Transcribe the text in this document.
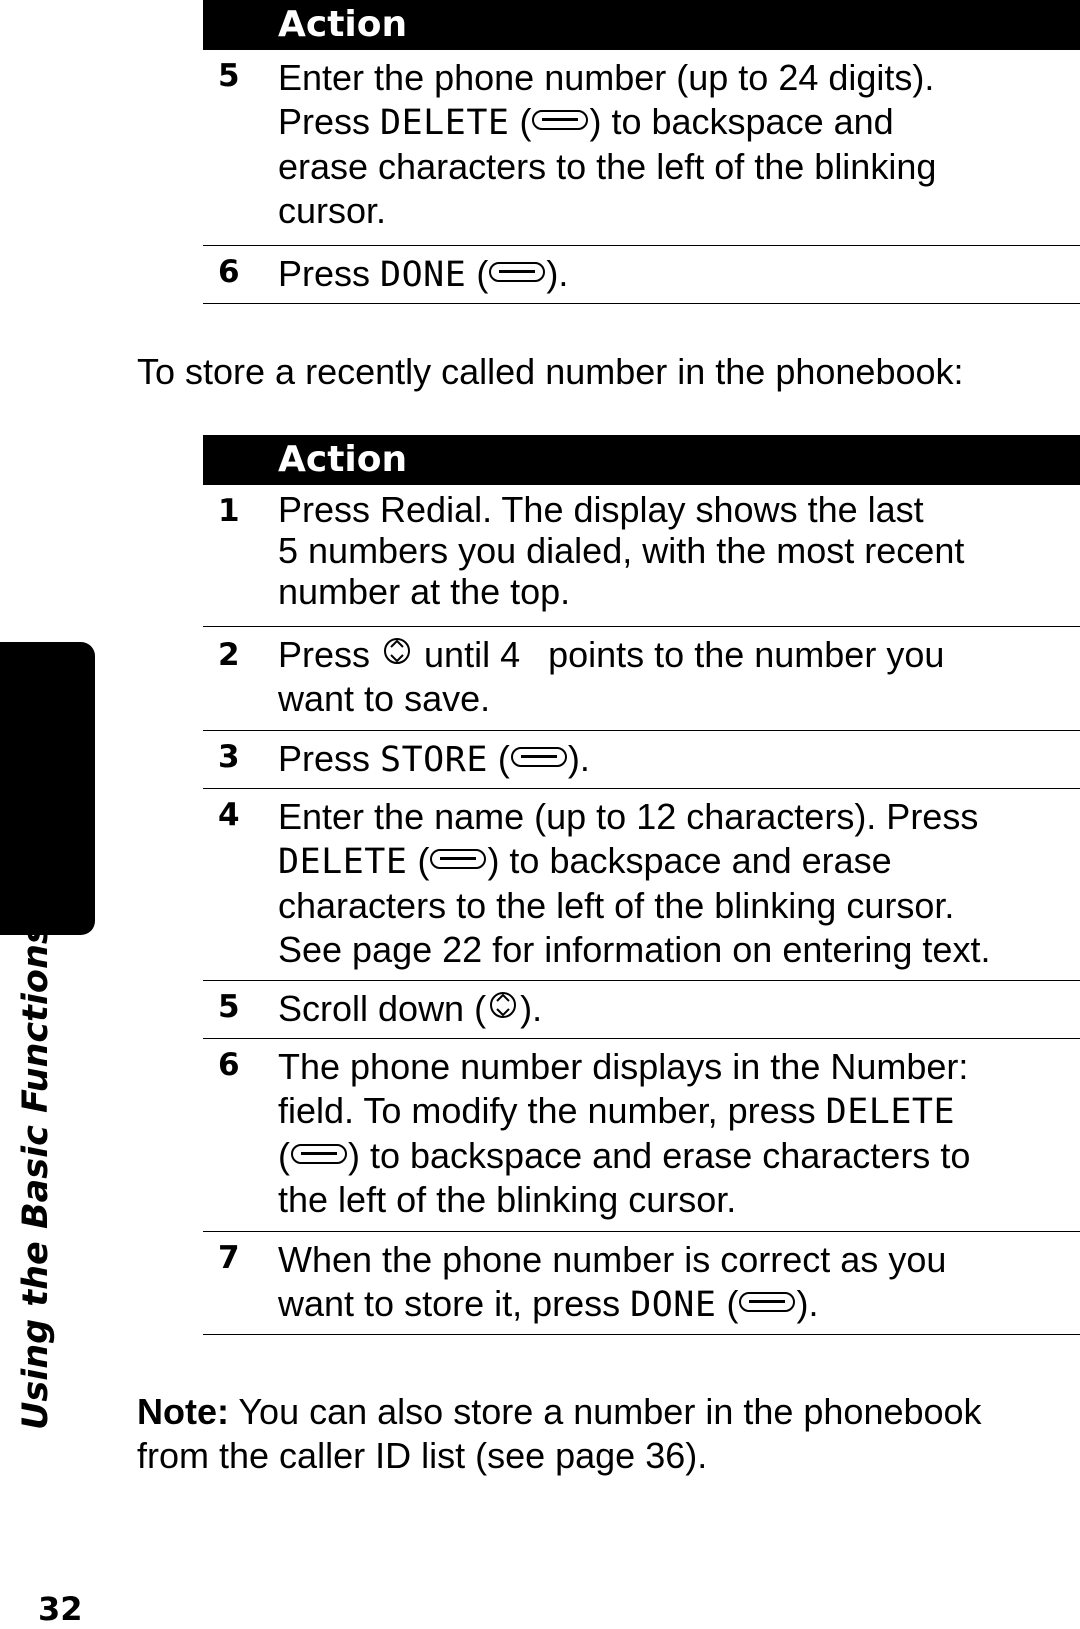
Using the Basic Functions
Action
5 Enter the phone number (up to 24 digits).
Press DELETE ( ) to backspace and
erase characters to the left of the blinking
cursor.
6 Press DONE ( ).
To store a recently called number in the phonebook:
Action
1 Press Redial. The display shows the last
5 numbers you dialed, with the most recent
number at the top.
2 Press  until 4 points to the number you
want to save.
3 Press STORE ( ).
4 Enter the name (up to 12 characters). Press
DELETE ( ) to backspace and erase
characters to the left of the blinking cursor.
See page 22 for information on entering text.
5 Scroll down ( ).
6 The phone number displays in the Number:
field. To modify the number, press DELETE
( ) to backspace and erase characters to
the left of the blinking cursor.
7 When the phone number is correct as you
want to store it, press DONE ( ).
Note: You can also store a number in the phonebook
from the caller ID list (see page 36).
32
